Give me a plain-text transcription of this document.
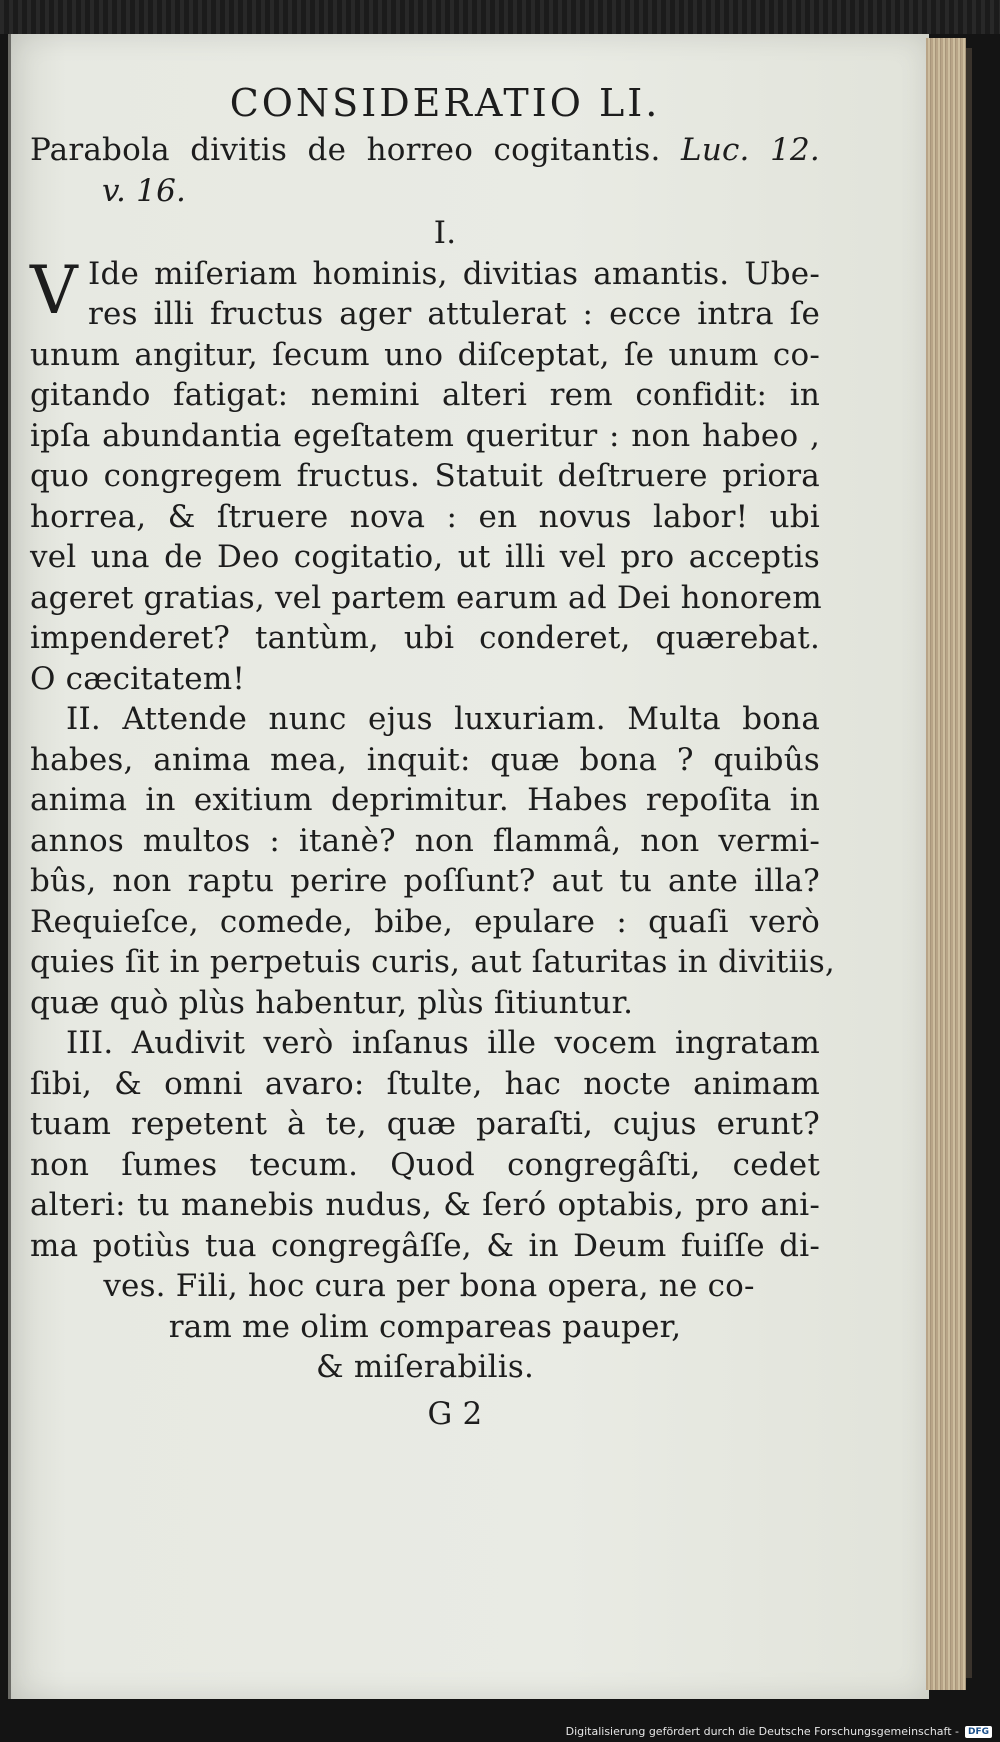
CONSIDERATIO LI.
Parabola divitis de horreo cogitantis. Luc. 12.
v. 16.
I.
V Ide miſeriam hominis, divitias amantis. Ube-
res illi fructus ager attulerat : ecce intra ſe
unum angitur, ſecum uno diſceptat, ſe unum co-
gitando fatigat: nemini alteri rem confidit: in
ipſa abundantia egeſtatem queritur : non habeo ,
quo congregem fructus. Statuit deſtruere priora
horrea, & ſtruere nova : en novus labor! ubi
vel una de Deo cogitatio, ut illi vel pro acceptis
ageret gratias, vel partem earum ad Dei honorem
impenderet? tantùm, ubi conderet, quærebat.
O cæcitatem!
II. Attende nunc ejus luxuriam. Multa bona
habes, anima mea, inquit: quæ bona ? quibûs
anima in exitium deprimitur. Habes repoſita in
annos multos : itanè? non flammâ, non vermi-
bûs, non raptu perire poſſunt? aut tu ante illa?
Requieſce, comede, bibe, epulare : quaſi verò
quies ſit in perpetuis curis, aut ſaturitas in divitiis,
quæ quò plùs habentur, plùs ſitiuntur.
III. Audivit verò inſanus ille vocem ingratam
ſibi, & omni avaro: ſtulte, hac nocte animam
tuam repetent à te, quæ paraſti, cujus erunt?
non ſumes tecum. Quod congregâſti, cedet
alteri: tu manebis nudus, & ſeró optabis, pro ani-
ma potiùs tua congregâſſe, & in Deum fuiſſe di-
ves. Fili, hoc cura per bona opera, ne co-
ram me olim compareas pauper,
& miſerabilis.
G 2
Digitalisierung gefördert durch die Deutsche Forschungsgemeinschaft -	DFG
